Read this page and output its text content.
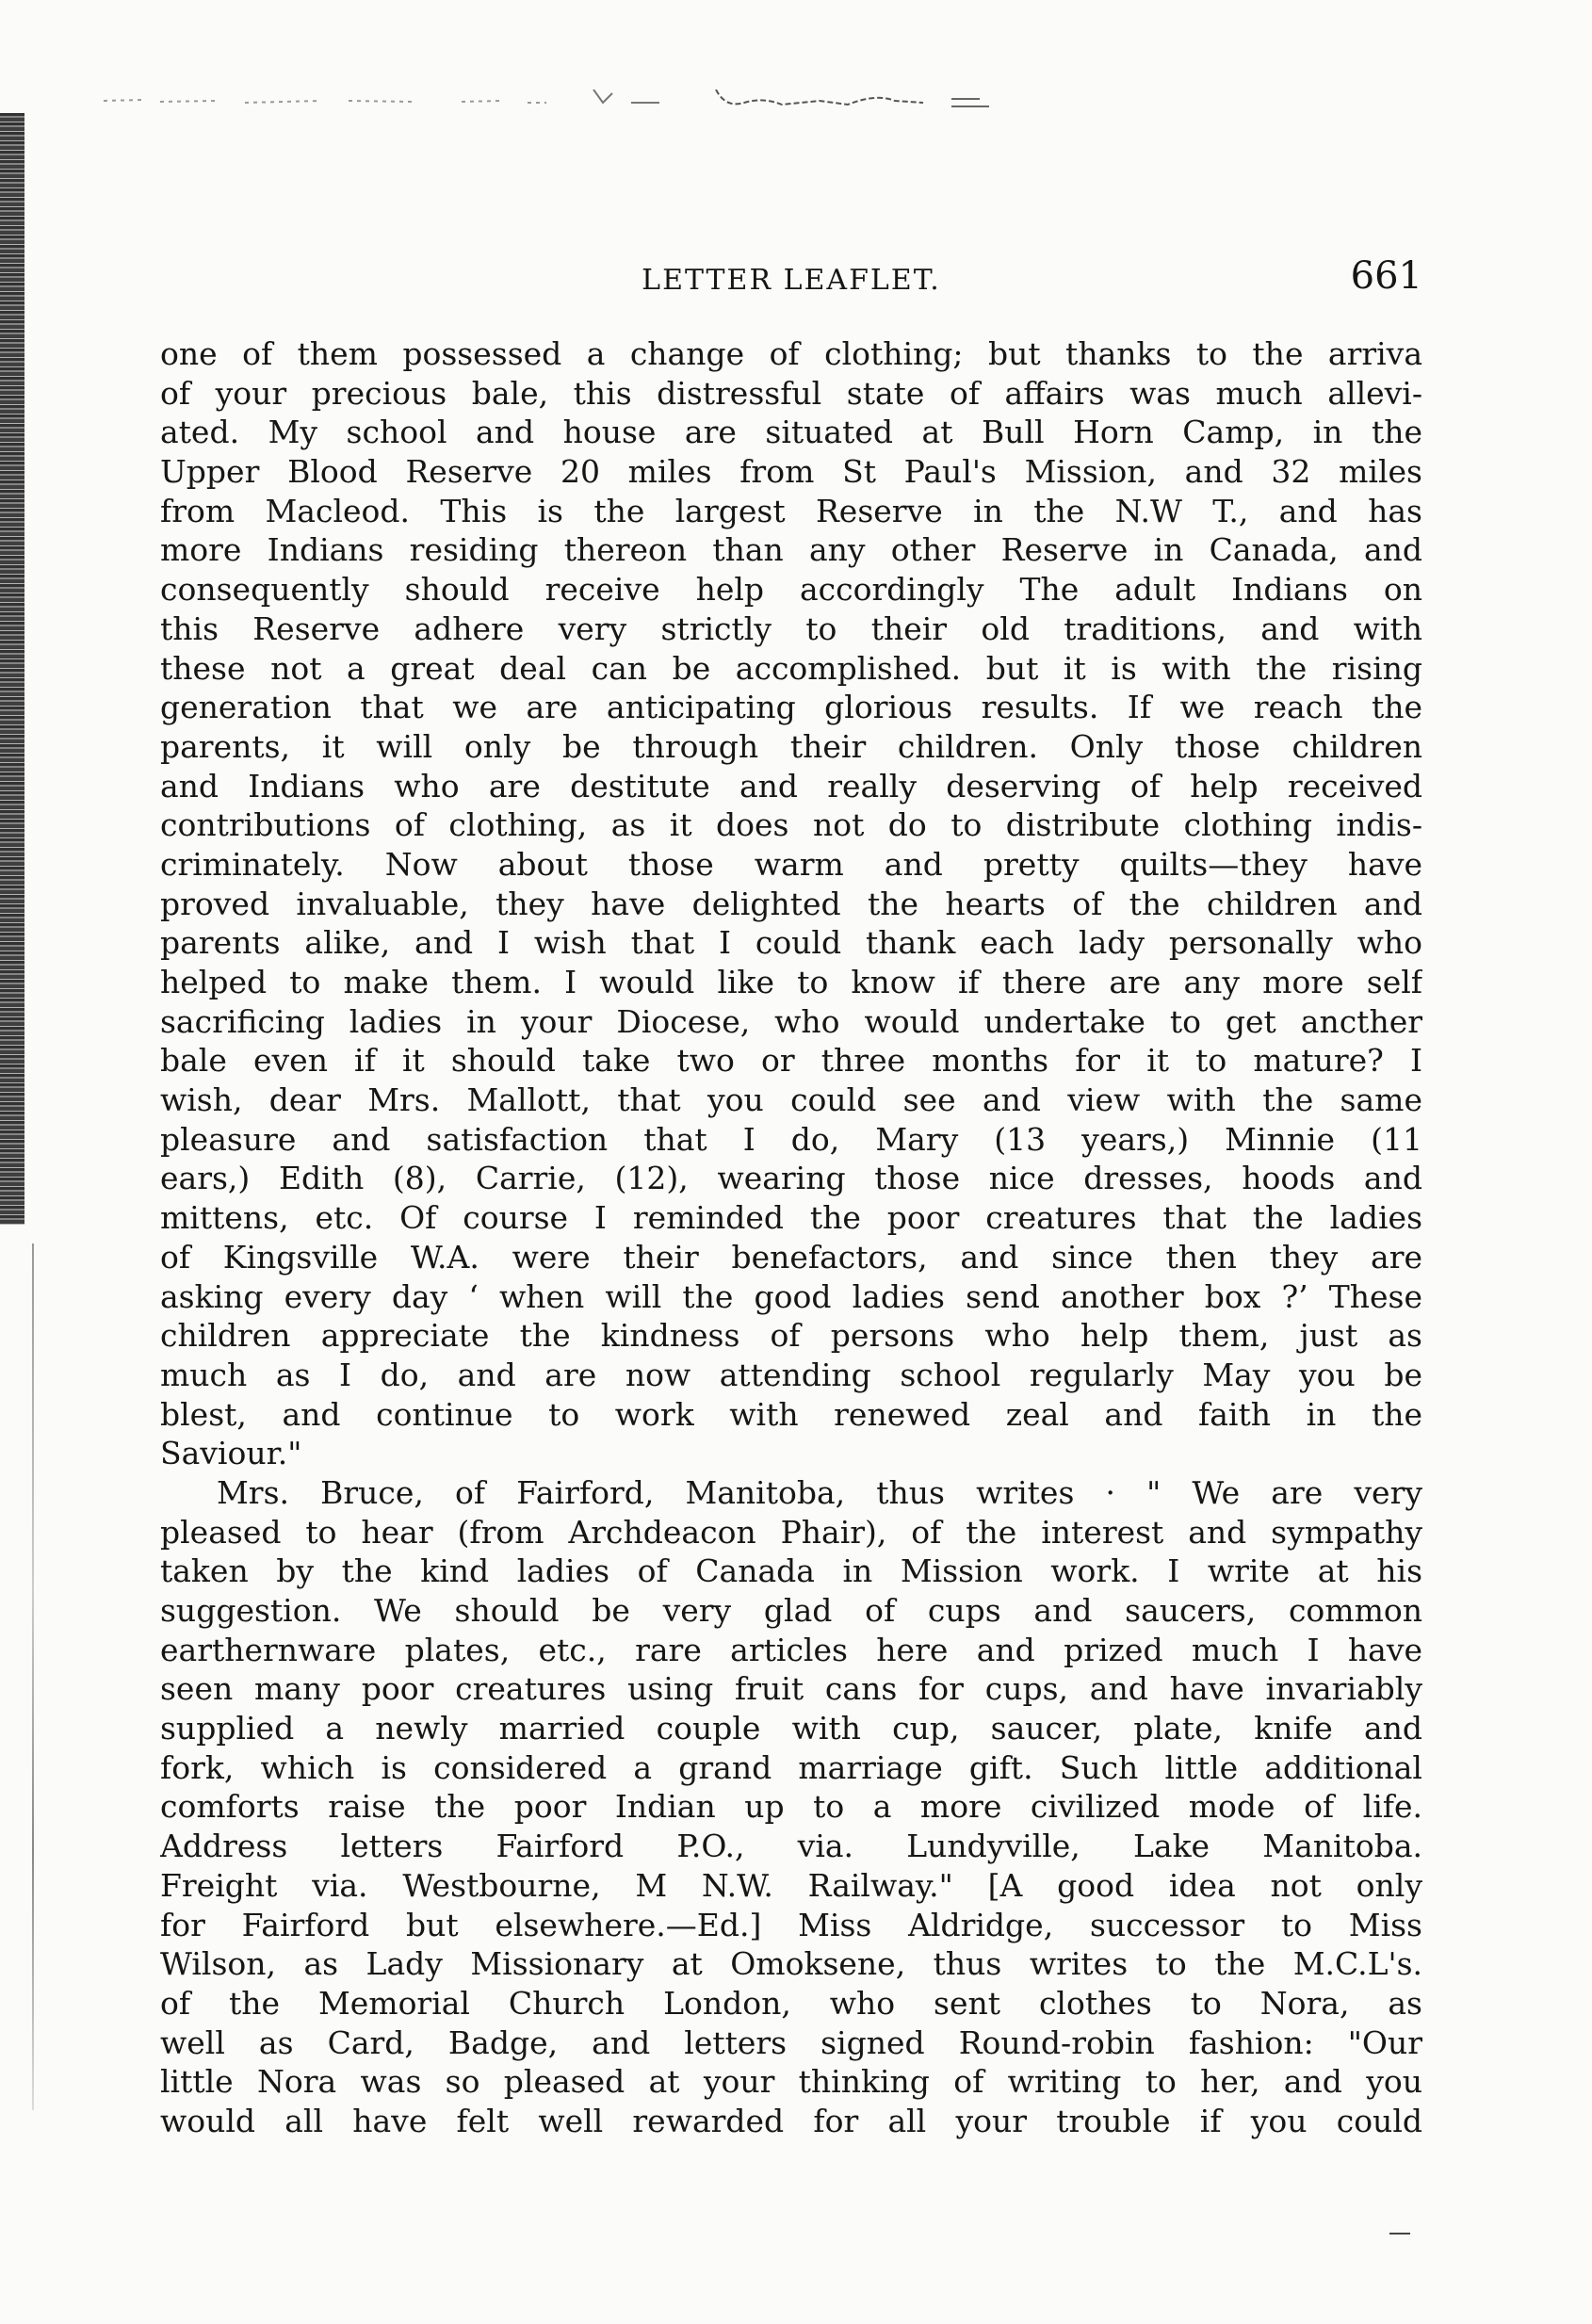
LETTER LEAFLET.	661
one of them possessed a change of clothing; but thanks to the arriva
of your precious bale, this distressful state of affairs was much allevi-
ated. My school and house are situated at Bull Horn Camp, in the
Upper Blood Reserve 20 miles from St Paul's Mission, and 32 miles
from Macleod. This is the largest Reserve in the N.W T., and has
more Indians residing thereon than any other Reserve in Canada, and
consequently should receive help accordingly The adult Indians on
this Reserve adhere very strictly to their old traditions, and with
these not a great deal can be accomplished. but it is with the rising
generation that we are anticipating glorious results. If we reach the
parents, it will only be through their children. Only those children
and Indians who are destitute and really deserving of help received
contributions of clothing, as it does not do to distribute clothing indis-
criminately. Now about those warm and pretty quilts—they have
proved invaluable, they have delighted the hearts of the children and
parents alike, and I wish that I could thank each lady personally who
helped to make them. I would like to know if there are any more self
sacrificing ladies in your Diocese, who would undertake to get ancther
bale even if it should take two or three months for it to mature? I
wish, dear Mrs. Mallott, that you could see and view with the same
pleasure and satisfaction that I do, Mary (13 years,) Minnie (11
ears,) Edith (8), Carrie, (12), wearing those nice dresses, hoods and
mittens, etc. Of course I reminded the poor creatures that the ladies
of Kingsville W.A. were their benefactors, and since then they are
asking every day ‘ when will the good ladies send another box ?’ These
children appreciate the kindness of persons who help them, just as
much as I do, and are now attending school regularly May you be
blest, and continue to work with renewed zeal and faith in the
Saviour."
Mrs. Bruce, of Fairford, Manitoba, thus writes · " We are very
pleased to hear (from Archdeacon Phair), of the interest and sympathy
taken by the kind ladies of Canada in Mission work. I write at his
suggestion. We should be very glad of cups and saucers, common
earthernware plates, etc., rare articles here and prized much I have
seen many poor creatures using fruit cans for cups, and have invariably
supplied a newly married couple with cup, saucer, plate, knife and
fork, which is considered a grand marriage gift. Such little additional
comforts raise the poor Indian up to a more civilized mode of life.
Address letters Fairford P.O., via. Lundyville, Lake Manitoba.
Freight via. Westbourne, M N.W. Railway." [A good idea not only
for Fairford but elsewhere.—Ed.] Miss Aldridge, successor to Miss
Wilson, as Lady Missionary at Omoksene, thus writes to the M.C.L's.
of the Memorial Church London, who sent clothes to Nora, as
well as Card, Badge, and letters signed Round-robin fashion: "Our
little Nora was so pleased at your thinking of writing to her, and you
would all have felt well rewarded for all your trouble if you could
